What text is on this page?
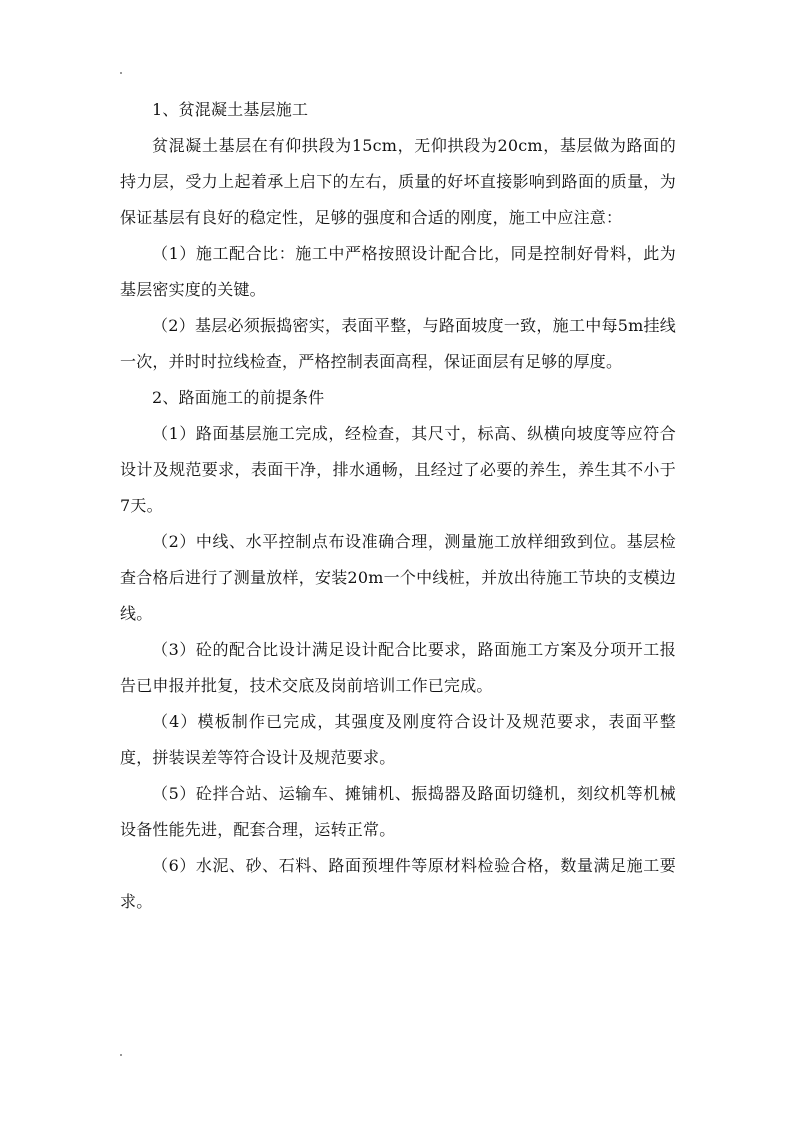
1、贫混凝土基层施工

贫混凝土基层在有仰拱段为15cm，无仰拱段为20cm，基层做为路面的持力层，受力上起着承上启下的左右，质量的好坏直接影响到路面的质量，为保证基层有良好的稳定性，足够的强度和合适的刚度，施工中应注意：

（1）施工配合比：施工中严格按照设计配合比，同是控制好骨料，此为基层密实度的关键。

（2）基层必须振捣密实，表面平整，与路面坡度一致，施工中每5m挂线一次，并时时拉线检查，严格控制表面高程，保证面层有足够的厚度。

2、路面施工的前提条件

（1）路面基层施工完成，经检查，其尺寸，标高、纵横向坡度等应符合设计及规范要求，表面干净，排水通畅，且经过了必要的养生，养生其不小于7天。

（2）中线、水平控制点布设准确合理，测量施工放样细致到位。基层检查合格后进行了测量放样，安装20m一个中线桩，并放出待施工节块的支模边线。

（3）砼的配合比设计满足设计配合比要求，路面施工方案及分项开工报告已申报并批复，技术交底及岗前培训工作已完成。

（4）模板制作已完成，其强度及刚度符合设计及规范要求，表面平整度，拼装误差等符合设计及规范要求。

（5）砼拌合站、运输车、摊铺机、振捣器及路面切缝机，刻纹机等机械设备性能先进，配套合理，运转正常。

（6）水泥、砂、石料、路面预埋件等原材料检验合格，数量满足施工要求。
